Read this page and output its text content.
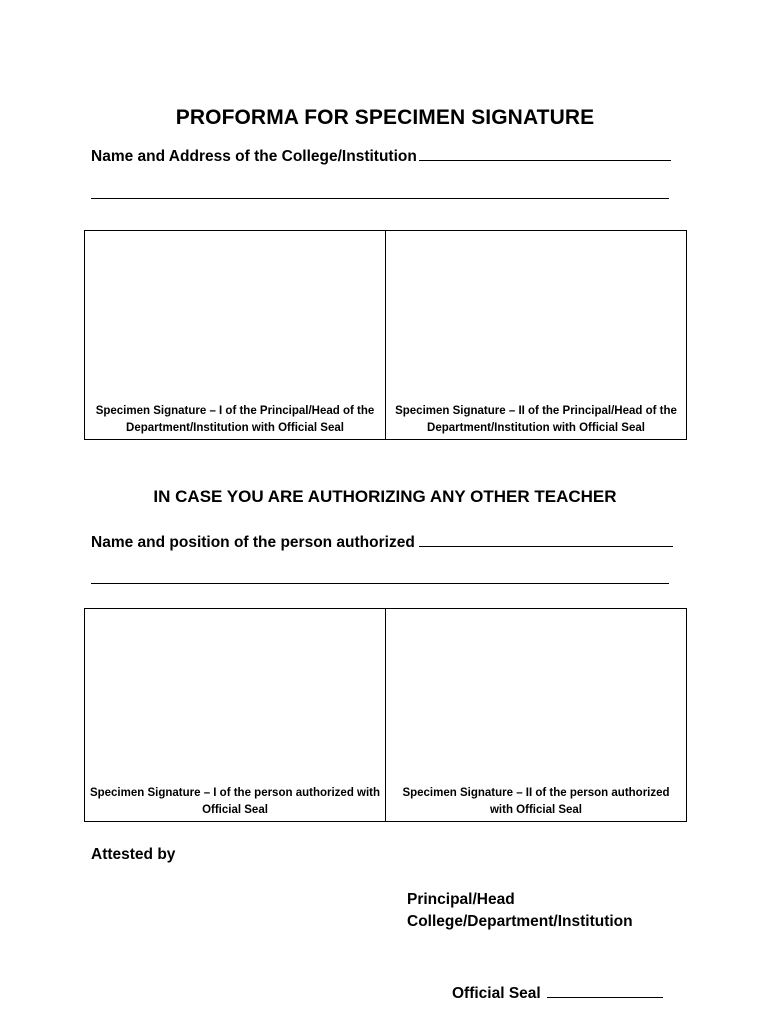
PROFORMA FOR SPECIMEN SIGNATURE
Name and Address of the College/Institution
Specimen Signature – I of the Principal/Head of the Department/Institution with Official Seal
Specimen Signature – II of the Principal/Head of the Department/Institution with Official Seal
IN CASE YOU ARE AUTHORIZING ANY OTHER TEACHER
Name and position of the person authorized
Specimen Signature – I of the person authorized with Official Seal
Specimen Signature – II of the person authorized with Official Seal
Attested by
Principal/Head
College/Department/Institution
Official Seal
